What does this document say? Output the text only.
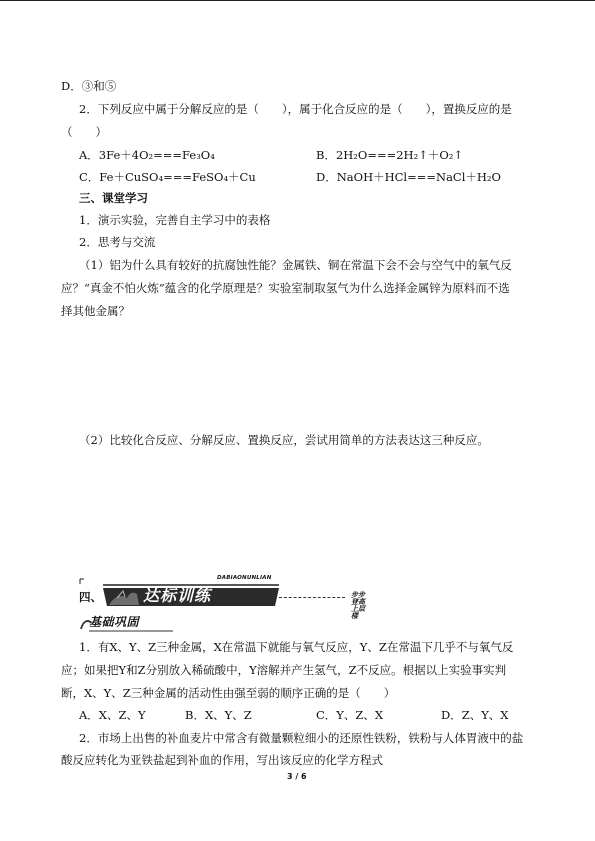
D．③和⑤
2．下列反应中属于分解反应的是（　　），属于化合反应的是（　　），置换反应的是
（　　）
A．3Fe＋4O₂===Fe₃O₄	B．2H₂O===2H₂↑＋O₂↑
C．Fe＋CuSO₄===FeSO₄＋Cu	D．NaOH＋HCl===NaCl＋H₂O
三、课堂学习
1．演示实验，完善自主学习中的表格
2．思考与交流
（1）铝为什么具有较好的抗腐蚀性能？金属铁、铜在常温下会不会与空气中的氧气反
应？“真金不怕火炼”蕴含的化学原理是？实验室制取氢气为什么选择金属锌为原料而不选
择其他金属？
（2）比较化合反应、分解反应、置换反应，尝试用简单的方法表达这三种反应。
四、	达标训练
DABIAONUNLIAN
步步登高上层楼
基础巩固
1．有X、Y、Z三种金属，X在常温下就能与氧气反应，Y、Z在常温下几乎不与氧气反
应；如果把Y和Z分别放入稀硫酸中，Y溶解并产生氢气，Z不反应。根据以上实验事实判
断，X、Y、Z三种金属的活动性由强至弱的顺序正确的是（　　）
A．X、Z、Y	B．X、Y、Z	C．Y、Z、X	D．Z、Y、X
2．市场上出售的补血麦片中常含有微量颗粒细小的还原性铁粉，铁粉与人体胃液中的盐
酸反应转化为亚铁盐起到补血的作用，写出该反应的化学方程式
3 / 6
